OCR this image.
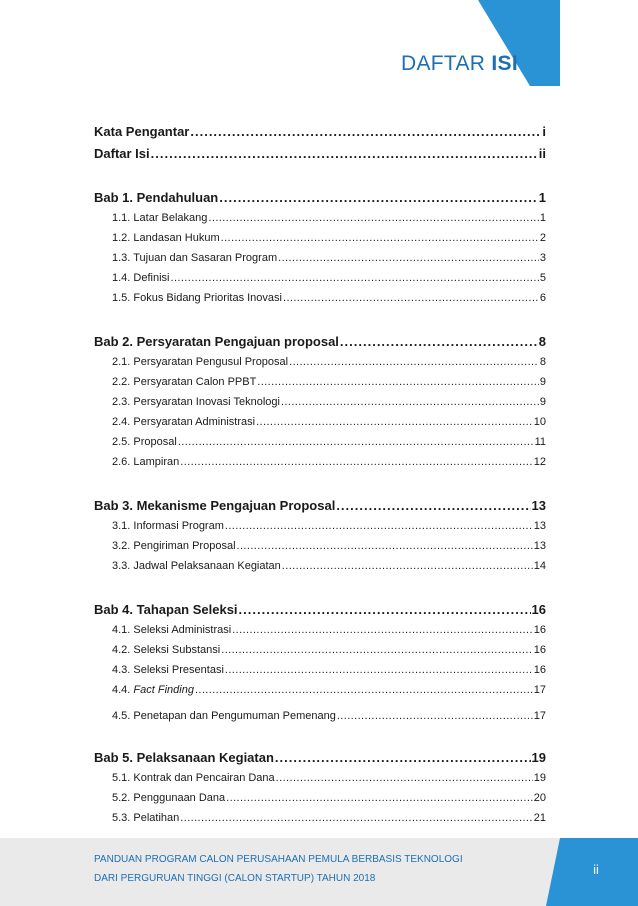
DAFTAR ISI
Kata Pengantar .....	i
Daftar Isi .....	ii
Bab 1. Pendahuluan .....	1
1.1. Latar Belakang .....	1
1.2. Landasan Hukum .....	2
1.3. Tujuan dan Sasaran Program .....	3
1.4. Definisi .....	5
1.5. Fokus Bidang Prioritas Inovasi .....	6
Bab 2. Persyaratan Pengajuan proposal .....	8
2.1. Persyaratan Pengusul Proposal .....	8
2.2. Persyaratan Calon PPBT .....	9
2.3. Persyaratan Inovasi Teknologi .....	9
2.4. Persyaratan Administrasi .....	10
2.5. Proposal .....	11
2.6. Lampiran .....	12
Bab 3. Mekanisme Pengajuan Proposal .....	13
3.1. Informasi Program .....	13
3.2. Pengiriman Proposal .....	13
3.3. Jadwal Pelaksanaan Kegiatan .....	14
Bab 4. Tahapan Seleksi .....	16
4.1. Seleksi Administrasi .....	16
4.2. Seleksi Substansi .....	16
4.3. Seleksi Presentasi .....	16
4.4. Fact Finding .....	17
4.5. Penetapan dan Pengumuman Pemenang .....	17
Bab 5. Pelaksanaan Kegiatan .....	19
5.1. Kontrak dan Pencairan Dana .....	19
5.2. Penggunaan Dana .....	20
5.3. Pelatihan .....	21
PANDUAN PROGRAM CALON PERUSAHAAN PEMULA BERBASIS TEKNOLOGI
DARI PERGURUAN TINGGI (CALON STARTUP) TAHUN 2018
ii
